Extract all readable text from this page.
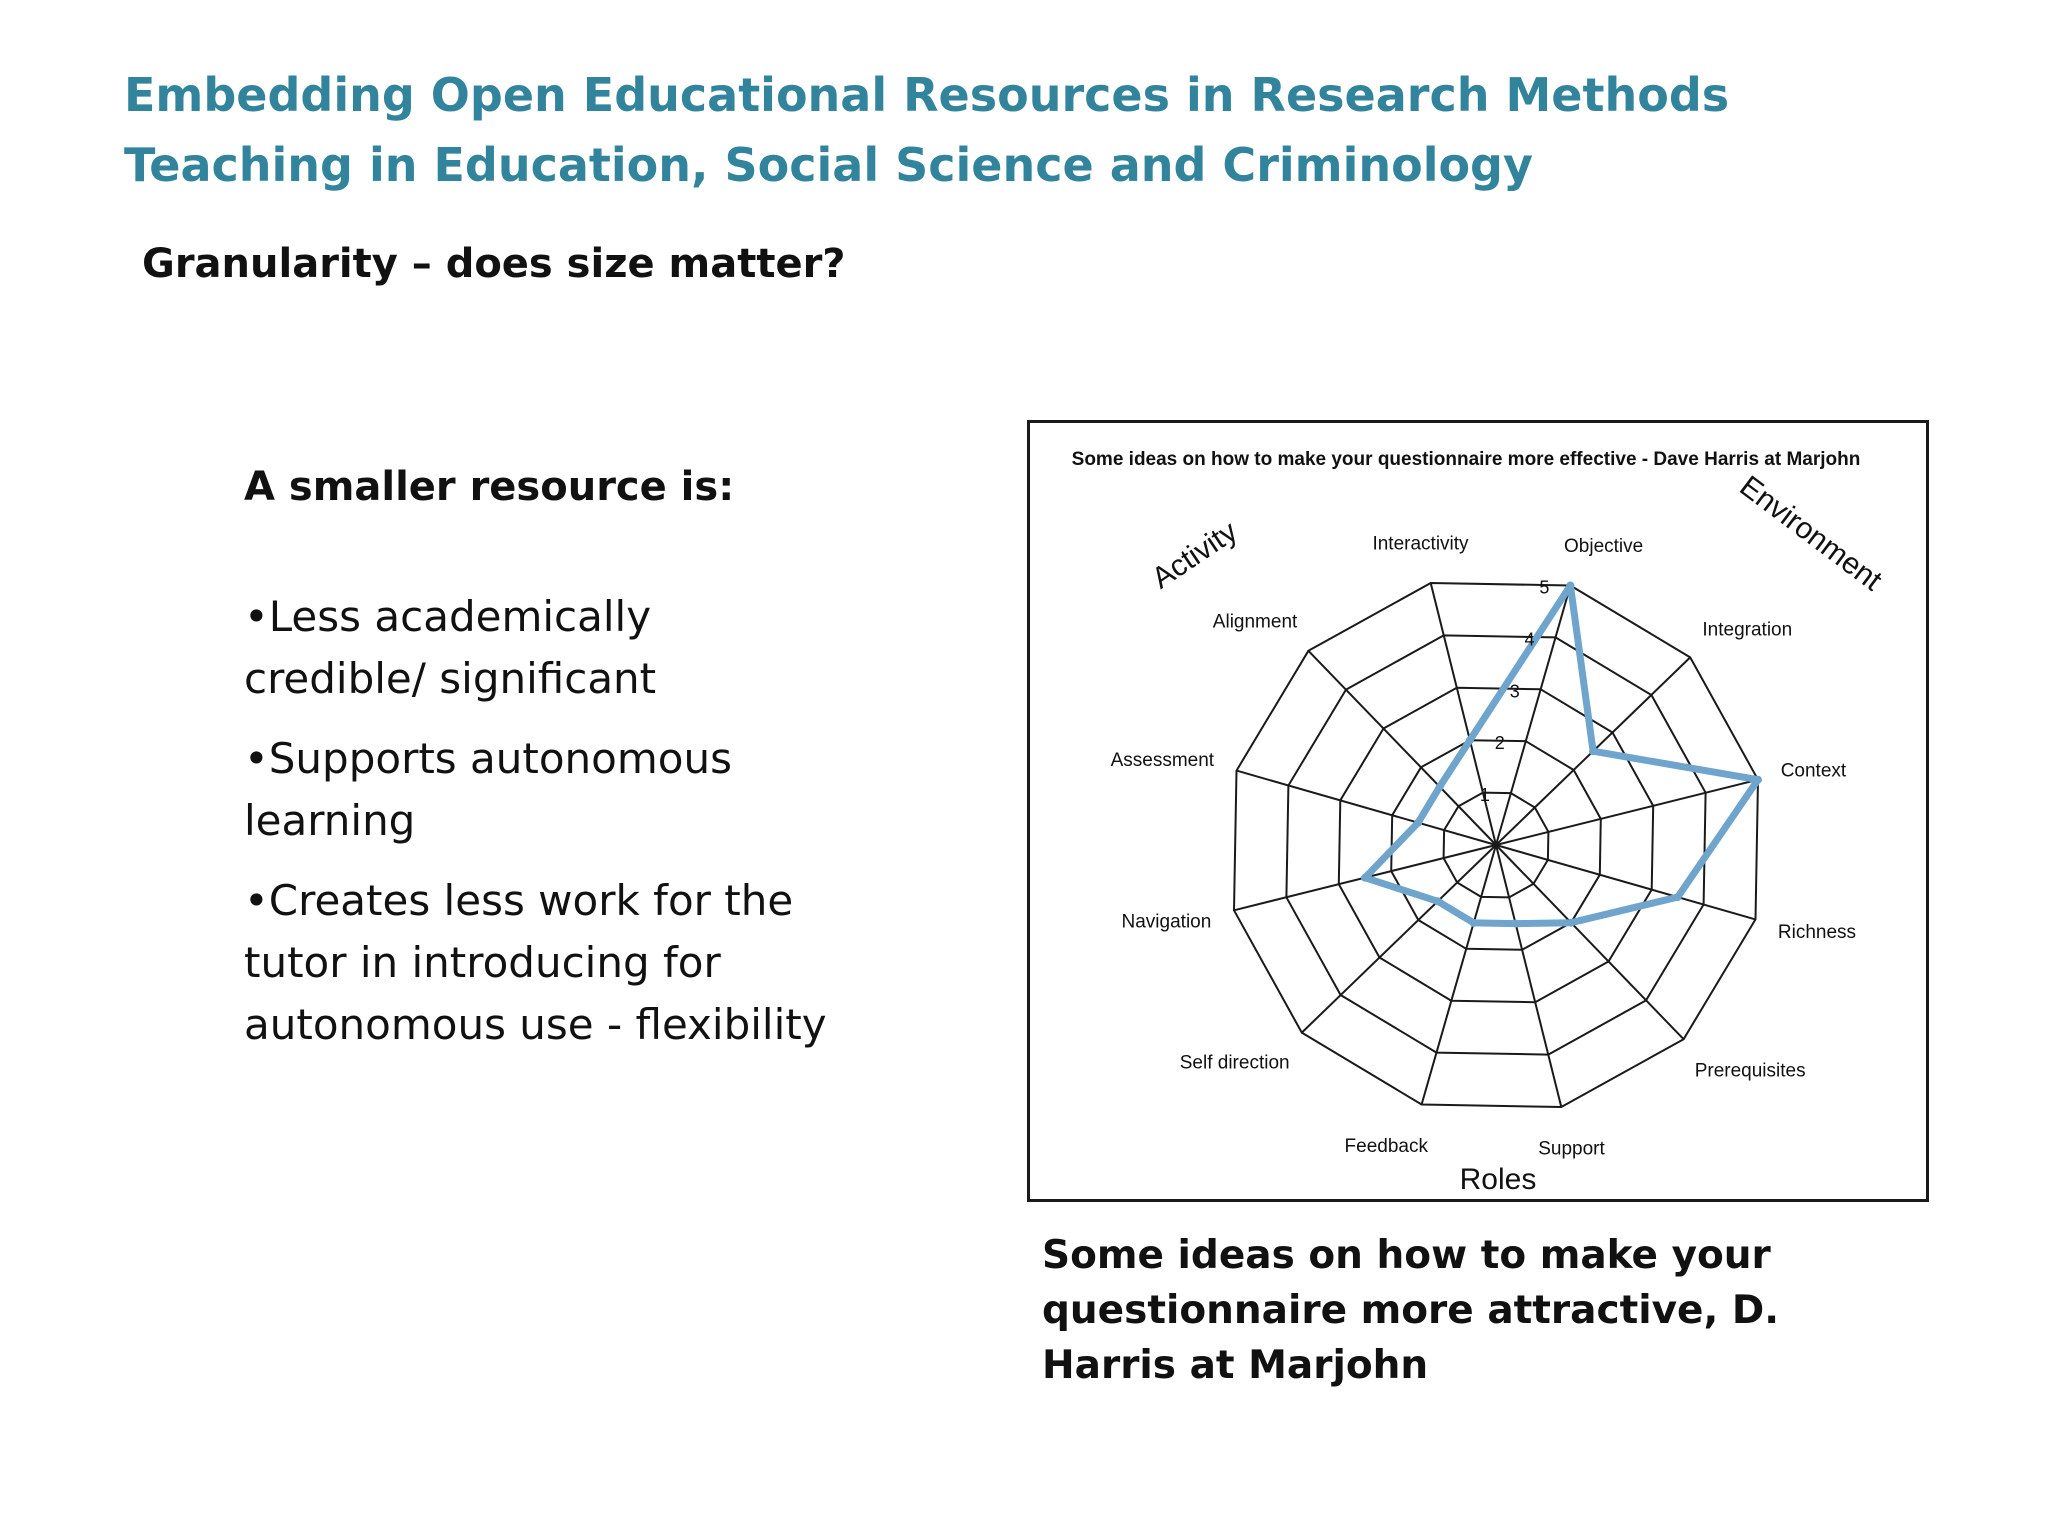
Embedding Open Educational Resources in Research Methods Teaching in Education, Social Science and Criminology
Granularity – does size matter?

A smaller resource is:

•Less academically credible/ significant
•Supports autonomous learning
•Creates less work for the tutor in introducing for autonomous use - flexibility
Some ideas on how to make your questionnaire more effective - Dave Harris at Marjohn
Activity	Environment
Roles
1
2
3
4
5
Objective
Integration
Context
Richness
Prerequisites
Support
Feedback
Self direction
Navigation
Assessment
Alignment
Interactivity

Some ideas on how to make your questionnaire more attractive, D. Harris at Marjohn
